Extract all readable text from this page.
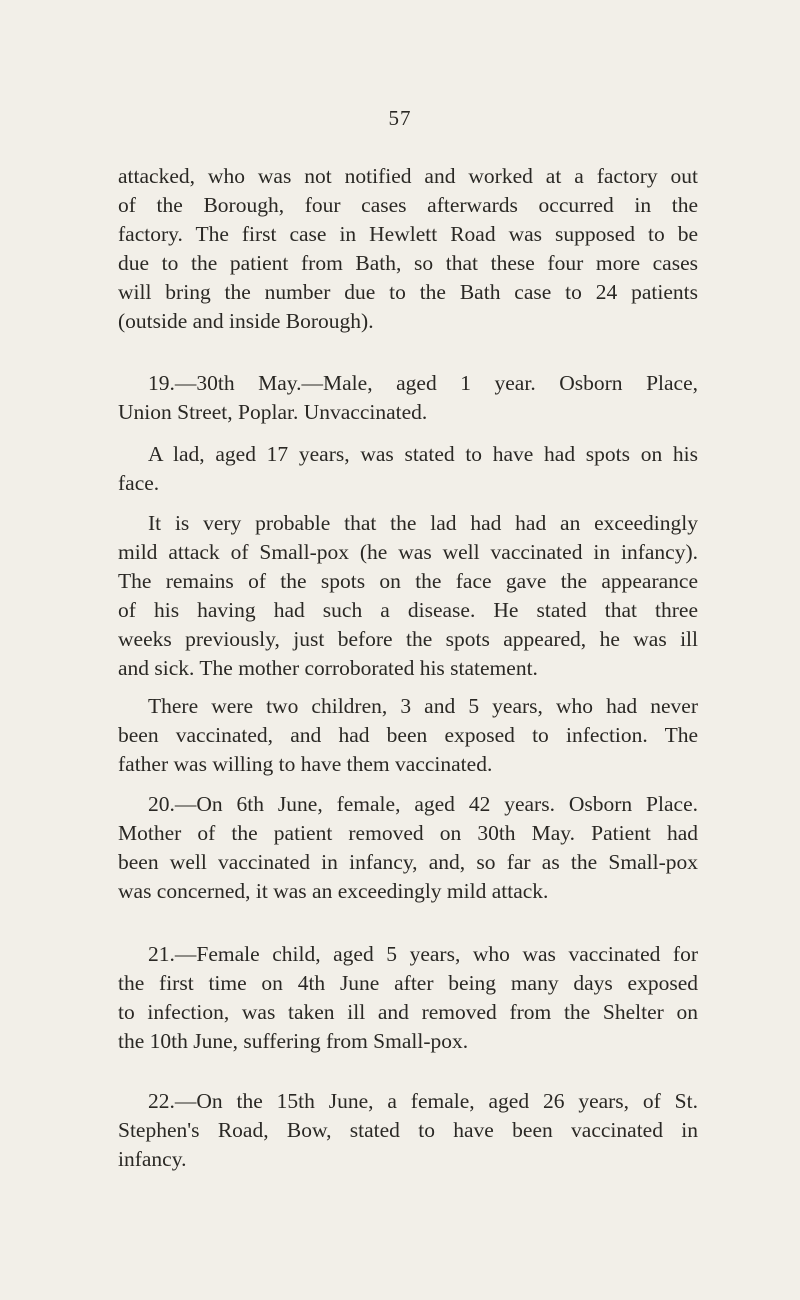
57
attacked, who was not notified and worked at a factory out
of the Borough, four cases afterwards occurred in the
factory. The first case in Hewlett Road was supposed to be
due to the patient from Bath, so that these four more cases
will bring the number due to the Bath case to 24 patients
(outside and inside Borough).
19.—30th May.—Male, aged 1 year. Osborn Place,
Union Street, Poplar. Unvaccinated.
A lad, aged 17 years, was stated to have had spots on his
face.
It is very probable that the lad had had an exceedingly
mild attack of Small-pox (he was well vaccinated in infancy).
The remains of the spots on the face gave the appearance
of his having had such a disease. He stated that three
weeks previously, just before the spots appeared, he was ill
and sick. The mother corroborated his statement.
There were two children, 3 and 5 years, who had never
been vaccinated, and had been exposed to infection. The
father was willing to have them vaccinated.
20.—On 6th June, female, aged 42 years. Osborn Place.
Mother of the patient removed on 30th May. Patient had
been well vaccinated in infancy, and, so far as the Small-pox
was concerned, it was an exceedingly mild attack.
21.—Female child, aged 5 years, who was vaccinated for
the first time on 4th June after being many days exposed
to infection, was taken ill and removed from the Shelter on
the 10th June, suffering from Small-pox.
22.—On the 15th June, a female, aged 26 years, of St.
Stephen's Road, Bow, stated to have been vaccinated in
infancy.
